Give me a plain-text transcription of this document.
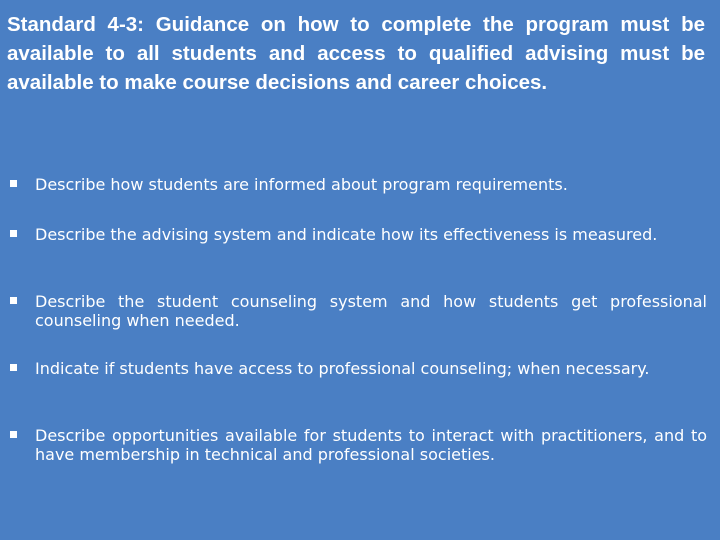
Standard 4-3: Guidance on how to complete the program must be available to all students and access to qualified advising must be available to make course decisions and career choices.
Describe how students are informed about program requirements.
Describe the advising system and indicate how its effectiveness is measured.
Describe the student counseling system and how students get professional counseling when needed.
Indicate if students have access to professional counseling; when necessary.
Describe opportunities available for students to interact with practitioners, and to have membership in technical and professional societies.
